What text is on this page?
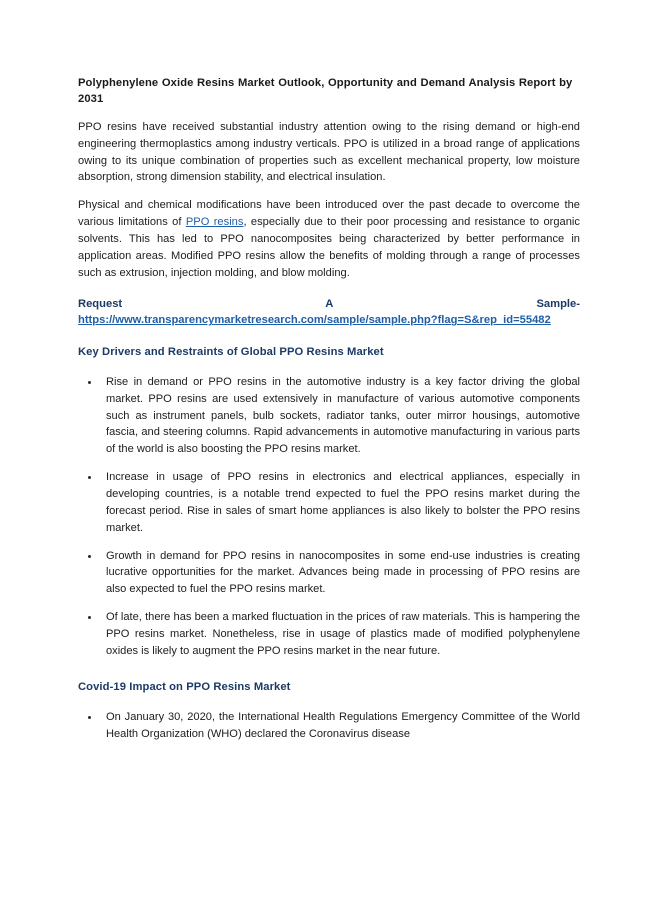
Polyphenylene Oxide Resins Market Outlook, Opportunity and Demand Analysis Report by 2031

PPO resins have received substantial industry attention owing to the rising demand or high-end engineering thermoplastics among industry verticals. PPO is utilized in a broad range of applications owing to its unique combination of properties such as excellent mechanical property, low moisture absorption, strong dimension stability, and electrical insulation.

Physical and chemical modifications have been introduced over the past decade to overcome the various limitations of PPO resins, especially due to their poor processing and resistance to organic solvents. This has led to PPO nanocomposites being characterized by better performance in application areas. Modified PPO resins allow the benefits of molding through a range of processes such as extrusion, injection molding, and blow molding.

Request	A	Sample-

https://www.transparencymarketresearch.com/sample/sample.php?flag=S&rep_id=55482
Key Drivers and Restraints of Global PPO Resins Market
Rise in demand or PPO resins in the automotive industry is a key factor driving the global market. PPO resins are used extensively in manufacture of various automotive components such as instrument panels, bulb sockets, radiator tanks, outer mirror housings, automotive fascia, and steering columns. Rapid advancements in automotive manufacturing in various parts of the world is also boosting the PPO resins market.
Increase in usage of PPO resins in electronics and electrical appliances, especially in developing countries, is a notable trend expected to fuel the PPO resins market during the forecast period. Rise in sales of smart home appliances is also likely to bolster the PPO resins market.
Growth in demand for PPO resins in nanocomposites in some end-use industries is creating lucrative opportunities for the market. Advances being made in processing of PPO resins are also expected to fuel the PPO resins market.
Of late, there has been a marked fluctuation in the prices of raw materials. This is hampering the PPO resins market. Nonetheless, rise in usage of plastics made of modified polyphenylene oxides is likely to augment the PPO resins market in the near future.
Covid-19 Impact on PPO Resins Market
On January 30, 2020, the International Health Regulations Emergency Committee of the World Health Organization (WHO) declared the Coronavirus disease
